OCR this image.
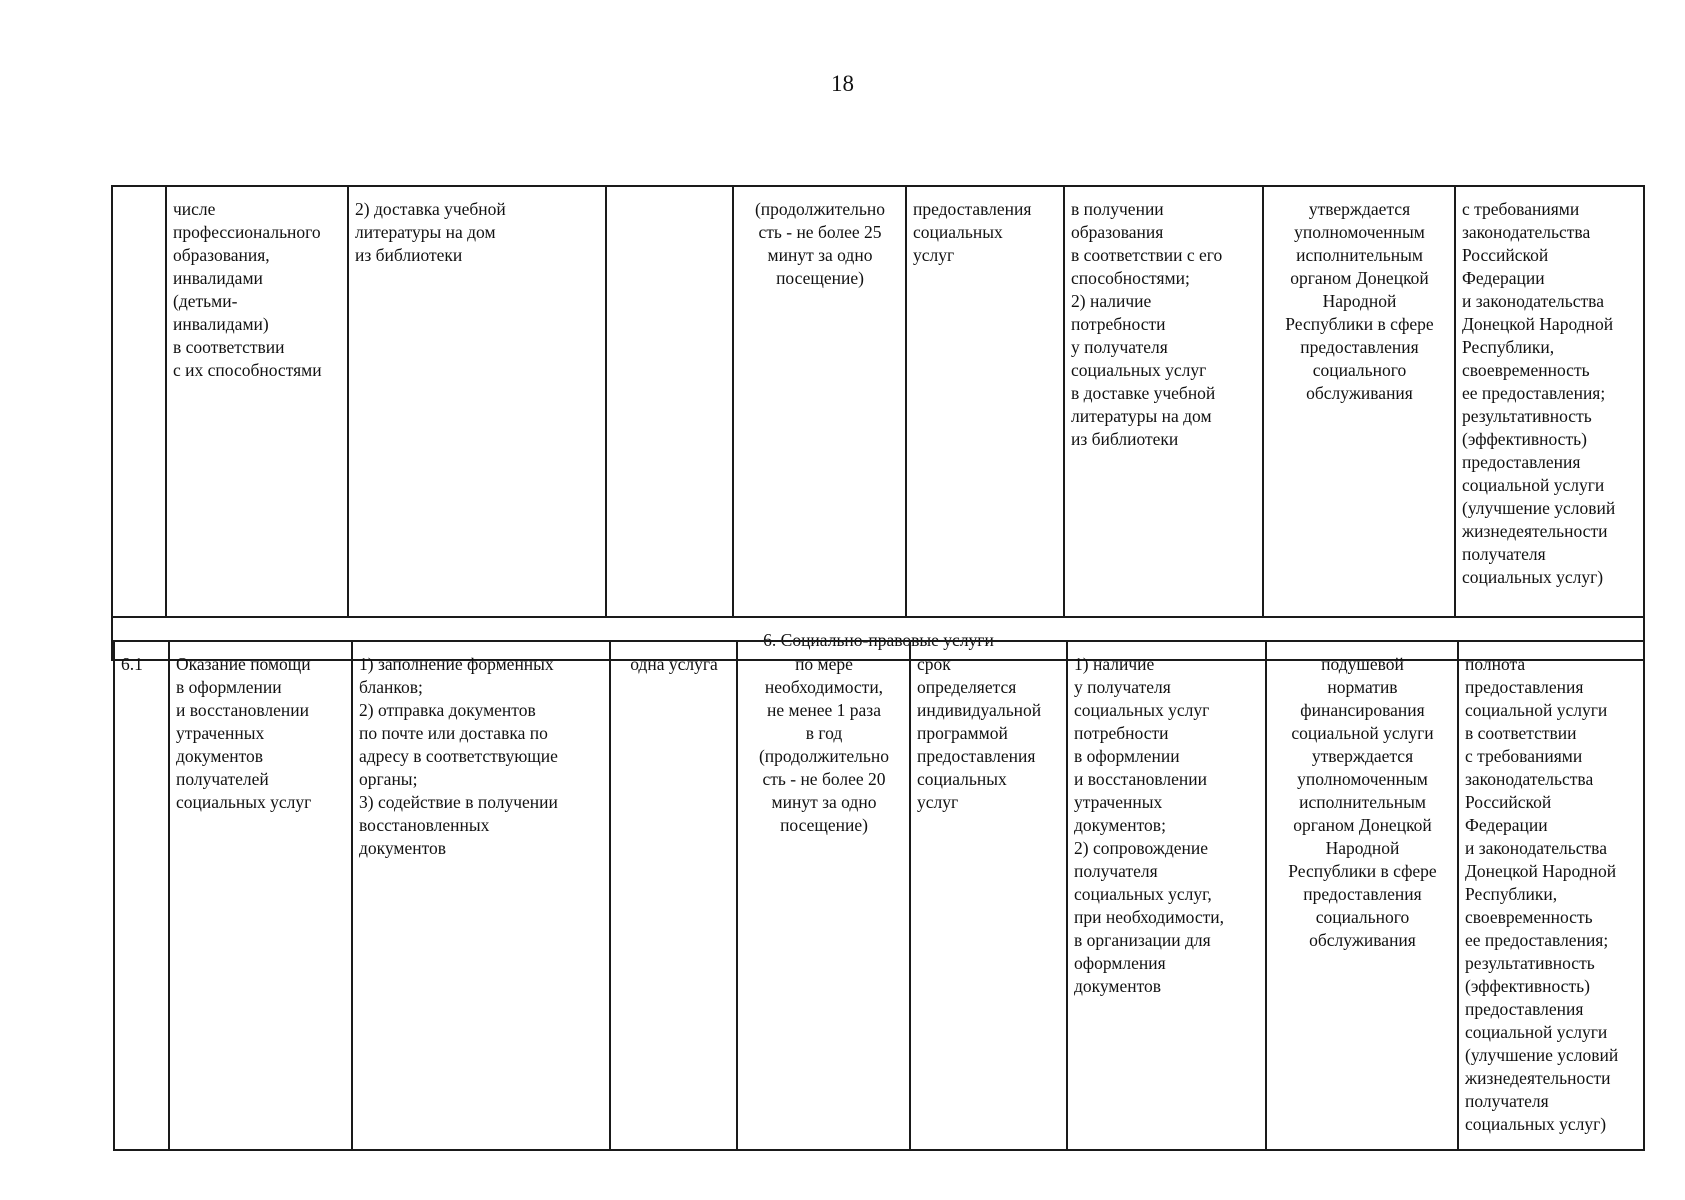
18
	числе
профессионального
образования,
инвалидами
(детьми-
инвалидами)
в соответствии
с их способностями	2) доставка учебной
литературы на дом
из библиотеки		(продолжительно
сть - не более 25
минут за одно
посещение)	предоставления
социальных
услуг	в получении
образования
в соответствии с его
способностями;
2) наличие
потребности
у получателя
социальных услуг
в доставке учебной
литературы на дом
из библиотеки	утверждается
уполномоченным
исполнительным
органом Донецкой
Народной
Республики в сфере
предоставления
социального
обслуживания	с требованиями
законодательства
Российской
Федерации
и законодательства
Донецкой Народной
Республики,
своевременность
ее предоставления;
результативность
(эффективность)
предоставления
социальной услуги
(улучшение условий
жизнедеятельности
получателя
социальных услуг)
6. Социально-правовые услуги
6.1	Оказание помощи
в оформлении
и восстановлении
утраченных
документов
получателей
социальных услуг	1) заполнение форменных
бланков;
2) отправка документов
по почте или доставка по
адресу в соответствующие
органы;
3) содействие в получении
восстановленных
документов	одна услуга	по мере
необходимости,
не менее 1 раза
в год
(продолжительно
сть - не более 20
минут за одно
посещение)	срок
определяется
индивидуальной
программой
предоставления
социальных
услуг	1) наличие
у получателя
социальных услуг
потребности
в оформлении
и восстановлении
утраченных
документов;
2) сопровождение
получателя
социальных услуг,
при необходимости,
в организации для
оформления
документов	подушевой
норматив
финансирования
социальной услуги
утверждается
уполномоченным
исполнительным
органом Донецкой
Народной
Республики в сфере
предоставления
социального
обслуживания	полнота
предоставления
социальной услуги
в соответствии
с требованиями
законодательства
Российской
Федерации
и законодательства
Донецкой Народной
Республики,
своевременность
ее предоставления;
результативность
(эффективность)
предоставления
социальной услуги
(улучшение условий
жизнедеятельности
получателя
социальных услуг)
